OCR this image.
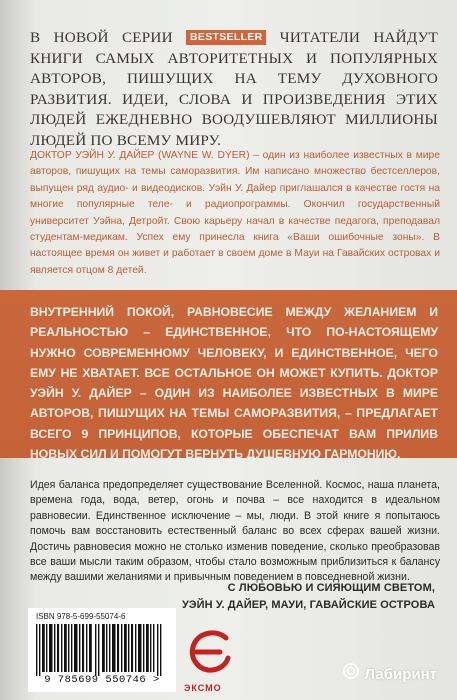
В НОВОЙ СЕРИИ BESTSELLER ЧИТАТЕЛИ НАЙДУТ КНИГИ САМЫХ АВТОРИТЕТНЫХ И ПОПУЛЯРНЫХ АВТОРОВ, ПИШУЩИХ НА ТЕМУ ДУХОВНОГО РАЗВИТИЯ. ИДЕИ, СЛОВА И ПРОИЗВЕДЕНИЯ ЭТИХ ЛЮДЕЙ ЕЖЕДНЕВНО ВООДУШЕВЛЯЮТ МИЛЛИОНЫ ЛЮДЕЙ ПО ВСЕМУ МИРУ.
ДОКТОР УЭЙН У. ДАЙЕР (WAYNE W. DYER) – один из наиболее известных в мире авторов, пишущих на темы саморазвития. Им написано множество бестселлеров, выпущен ряд аудио- и видеодисков. Уэйн У. Дайер приглашался в качестве гостя на многие популярные теле- и радиопрограммы. Окончил государственный университет Уэйна, Детройт. Свою карьеру начал в качестве педагога, преподавал студентам-медикам. Успех ему принесла книга «Ваши ошибочные зоны». В настоящее время он живет и работает в своем доме в Мауи на Гавайских островах и является отцом 8 детей.
ВНУТРЕННИЙ ПОКОЙ, РАВНОВЕСИЕ МЕЖДУ ЖЕЛАНИЕМ И РЕАЛЬНОСТЬЮ – ЕДИНСТВЕННОЕ, ЧТО ПО-НАСТОЯЩЕМУ НУЖНО СОВРЕМЕННОМУ ЧЕЛОВЕКУ, И ЕДИНСТВЕННОЕ, ЧЕГО ЕМУ НЕ ХВАТАЕТ. ВСЕ ОСТАЛЬНОЕ ОН МОЖЕТ КУПИТЬ. ДОКТОР УЭЙН У. ДАЙЕР – ОДИН ИЗ НАИБОЛЕЕ ИЗВЕСТНЫХ В МИРЕ АВТОРОВ, ПИШУЩИХ НА ТЕМЫ САМОРАЗВИТИЯ, – ПРЕДЛАГАЕТ ВСЕГО 9 ПРИНЦИПОВ, КОТОРЫЕ ОБЕСПЕЧАТ ВАМ ПРИЛИВ НОВЫХ СИЛ И ПОМОГУТ ВЕРНУТЬ ДУШЕВНУЮ ГАРМОНИЮ.
Идея баланса предопределяет существование Вселенной. Космос, наша планета, времена года, вода, ветер, огонь и почва – все находится в идеальном равновесии. Единственное исключение – мы, люди. В этой книге я попытаюсь помочь вам восстановить естественный баланс во всех сферах вашей жизни. Достичь равновесия можно не столько изменив поведение, сколько преобразовав все ваши мысли таким образом, чтобы стало возможным приблизиться к балансу между вашими желаниями и привычным поведением в повседневной жизни.
С ЛЮБОВЬЮ И СИЯЮЩИМ СВЕТОМ,
УЭЙН У. ДАЙЕР, МАУИ, ГАВАЙСКИЕ ОСТРОВА
ISBN 978-5-699-55074-6
9 785699 550746 >
ЭКСМО
Лабиринт
